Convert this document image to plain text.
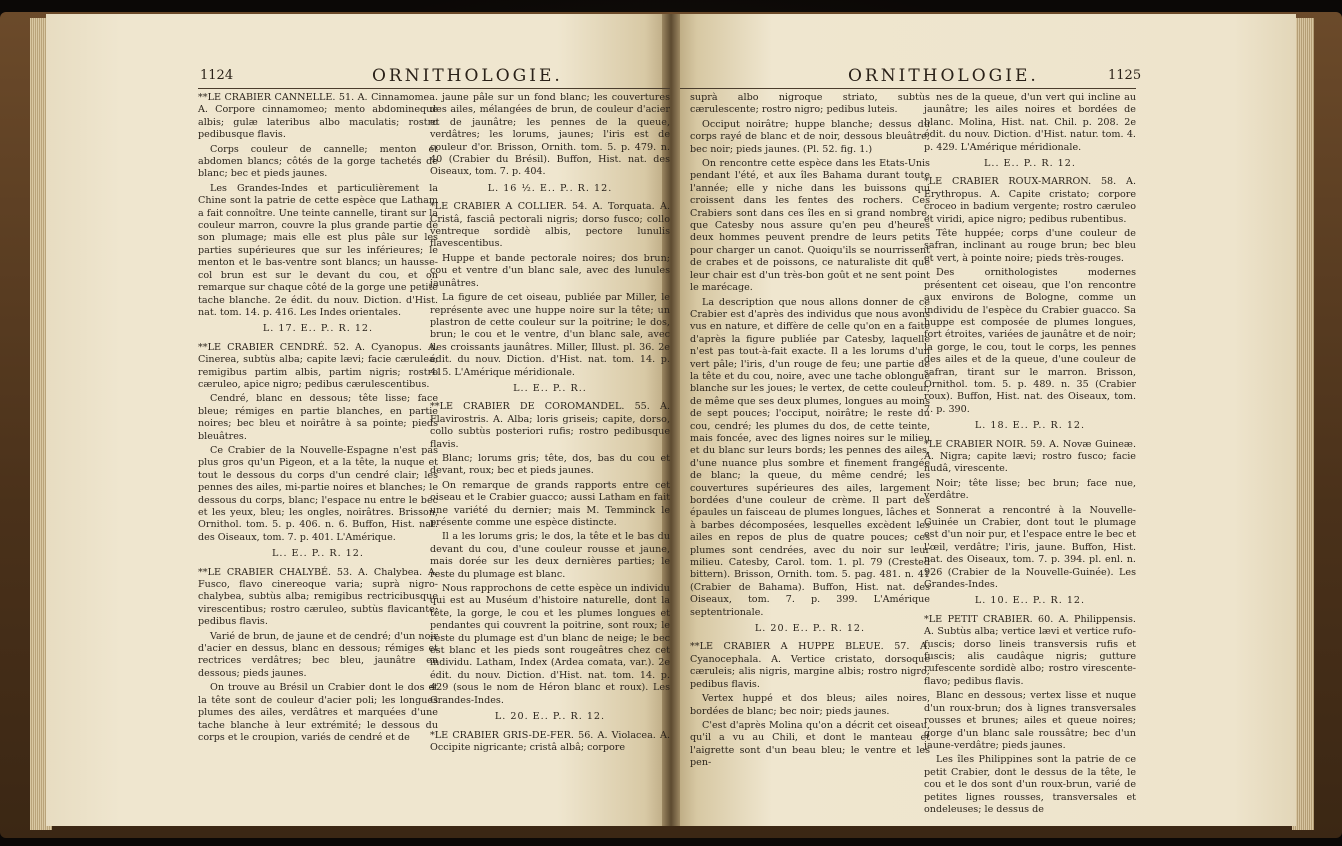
1124	ORNITHOLOGIE.	ORNITHOLOGIE.	1125

**LE CRABIER CANNELLE. 51. A. Cinnamomea. A. Corpore cinnamomeo; mento abdomineque albis; gulæ lateribus albo maculatis; rostro pedibusque flavis.

Corps couleur de cannelle; menton et abdomen blancs; côtés de la gorge tachetés de blanc; bec et pieds jaunes.

Les Grandes-Indes et particulièrement la Chine sont la patrie de cette espèce que Latham a fait connoître. Une teinte cannelle, tirant sur la couleur marron, couvre la plus grande partie de son plumage; mais elle est plus pâle sur les parties supérieures que sur les inférieures; le menton et le bas-ventre sont blancs; un hausse-col brun est sur le devant du cou, et on remarque sur chaque côté de la gorge une petite tache blanche. 2e édit. du nouv. Diction. d'Hist. nat. tom. 14. p. 416. Les Indes orientales.

L. 17. E.. P.. R. 12.

**LE CRABIER CENDRÉ. 52. A. Cyanopus. A. Cinerea, subtùs alba; capite lævi; facie cærulea; remigibus partim albis, partim nigris; rostro cæruleo, apice nigro; pedibus cærulescentibus.

Cendré, blanc en dessous; tête lisse; face bleue; rémiges en partie blanches, en partie noires; bec bleu et noirâtre à sa pointe; pieds bleuâtres.

Ce Crabier de la Nouvelle-Espagne n'est pas plus gros qu'un Pigeon, et a la tête, la nuque et tout le dessous du corps d'un cendré clair; les pennes des ailes, mi-partie noires et blanches; le dessous du corps, blanc; l'espace nu entre le bec et les yeux, bleu; les ongles, noirâtres. Brisson, Ornithol. tom. 5. p. 406. n. 6. Buffon, Hist. nat. des Oiseaux, tom. 7. p. 401. L'Amérique.

L.. E.. P.. R. 12.

**LE CRABIER CHALYBÉ. 53. A. Chalybea. A. Fusco, flavo cinereoque varia; suprà nigro-chalybea, subtùs alba; remigibus rectricibusque virescentibus; rostro cæruleo, subtùs flavicante; pedibus flavis.

Varié de brun, de jaune et de cendré; d'un noir d'acier en dessus, blanc en dessous; rémiges et rectrices verdâtres; bec bleu, jaunâtre en dessous; pieds jaunes.

On trouve au Brésil un Crabier dont le dos et la tête sont de couleur d'acier poli; les longues plumes des ailes, verdâtres et marquées d'une tache blanche à leur extrémité; le dessous du corps et le croupion, variés de cendré et de

jaune pâle sur un fond blanc; les couvertures des ailes, mélangées de brun, de couleur d'acier et de jaunâtre; les pennes de la queue, verdâtres; les lorums, jaunes; l'iris est de couleur d'or. Brisson, Ornith. tom. 5. p. 479. n. 40 (Crabier du Brésil). Buffon, Hist. nat. des Oiseaux, tom. 7. p. 404.

L. 16 ½. E.. P.. R. 12.

*LE CRABIER A COLLIER. 54. A. Torquata. A. Cristâ, fasciâ pectorali nigris; dorso fusco; collo ventreque sordidè albis, pectore lunulis flavescentibus.

Huppe et bande pectorale noires; dos brun; cou et ventre d'un blanc sale, avec des lunules jaunâtres.

La figure de cet oiseau, publiée par Miller, le représente avec une huppe noire sur la tête; un plastron de cette couleur sur la poitrine; le dos, brun; le cou et le ventre, d'un blanc sale, avec des croissants jaunâtres. Miller, Illust. pl. 36. 2e édit. du nouv. Diction. d'Hist. nat. tom. 14. p. 415. L'Amérique méridionale.

L.. E.. P.. R..

**LE CRABIER DE COROMANDEL. 55. A. Flavirostris. A. Alba; loris griseis; capite, dorso, collo subtùs posteriori rufis; rostro pedibusque flavis.

Blanc; lorums gris; tête, dos, bas du cou et devant, roux; bec et pieds jaunes.

On remarque de grands rapports entre cet oiseau et le Crabier guacco; aussi Latham en fait une variété du dernier; mais M. Temminck le présente comme une espèce distincte.

Il a les lorums gris; le dos, la tête et le bas du devant du cou, d'une couleur rousse et jaune, mais dorée sur les deux dernières parties; le reste du plumage est blanc.

Nous rapprochons de cette espèce un individu qui est au Muséum d'histoire naturelle, dont la tête, la gorge, le cou et les plumes longues et pendantes qui couvrent la poitrine, sont roux; le reste du plumage est d'un blanc de neige; le bec est blanc et les pieds sont rougeâtres chez cet individu. Latham, Index (Ardea comata, var.). 2e édit. du nouv. Diction. d'Hist. nat. tom. 14. p. 429 (sous le nom de Héron blanc et roux). Les Grandes-Indes.

L. 20. E.. P.. R. 12.

*LE CRABIER GRIS-DE-FER. 56. A. Violacea. A. Occipite nigricante; cristâ albâ; corpore

suprà albo nigroque striato, subtùs cærulescente; rostro nigro; pedibus luteis.

Occiput noirâtre; huppe blanche; dessus du corps rayé de blanc et de noir, dessous bleuâtre; bec noir; pieds jaunes. (Pl. 52. fig. 1.)

On rencontre cette espèce dans les Etats-Unis pendant l'été, et aux îles Bahama durant toute l'année; elle y niche dans les buissons qui croissent dans les fentes des rochers. Ces Crabiers sont dans ces îles en si grand nombre, que Catesby nous assure qu'en peu d'heures deux hommes peuvent prendre de leurs petits pour charger un canot. Quoiqu'ils se nourrissent de crabes et de poissons, ce naturaliste dit que leur chair est d'un très-bon goût et ne sent point le marécage.

La description que nous allons donner de ce Crabier est d'après des individus que nous avons vus en nature, et diffère de celle qu'on en a faite d'après la figure publiée par Catesby, laquelle n'est pas tout-à-fait exacte. Il a les lorums d'un vert pâle; l'iris, d'un rouge de feu; une partie de la tête et du cou, noire, avec une tache oblongue blanche sur les joues; le vertex, de cette couleur, de même que ses deux plumes, longues au moins de sept pouces; l'occiput, noirâtre; le reste du cou, cendré; les plumes du dos, de cette teinte, mais foncée, avec des lignes noires sur le milieu et du blanc sur leurs bords; les pennes des ailes, d'une nuance plus sombre et finement frangée de blanc; la queue, du même cendré; les couvertures supérieures des ailes, largement bordées d'une couleur de crème. Il part des épaules un faisceau de plumes longues, lâches et à barbes décomposées, lesquelles excèdent les ailes en repos de plus de quatre pouces; ces plumes sont cendrées, avec du noir sur leur milieu. Catesby, Carol. tom. 1. pl. 79 (Crested bittern). Brisson, Ornith. tom. 5. pag. 481. n. 41 (Crabier de Bahama). Buffon, Hist. nat. des Oiseaux, tom. 7. p. 399. L'Amérique septentrionale.

L. 20. E.. P.. R. 12.

**LE CRABIER A HUPPE BLEUE. 57. A. Cyanocephala. A. Vertice cristato, dorsoque cæruleis; alis nigris, margine albis; rostro nigro; pedibus flavis.

Vertex huppé et dos bleus; ailes noires, bordées de blanc; bec noir; pieds jaunes.

C'est d'après Molina qu'on a décrit cet oiseau, qu'il a vu au Chili, et dont le manteau et l'aigrette sont d'un beau bleu; le ventre et les pen-

nes de la queue, d'un vert qui incline au jaunâtre; les ailes noires et bordées de blanc. Molina, Hist. nat. Chil. p. 208. 2e édit. du nouv. Diction. d'Hist. natur. tom. 4. p. 429. L'Amérique méridionale.

L.. E.. P.. R. 12.

*LE CRABIER ROUX-MARRON. 58. A. Erythropus. A. Capite cristato; corpore croceo in badium vergente; rostro cæruleo et viridi, apice nigro; pedibus rubentibus.

Tête huppée; corps d'une couleur de safran, inclinant au rouge brun; bec bleu et vert, à pointe noire; pieds très-rouges.

Des ornithologistes modernes présentent cet oiseau, que l'on rencontre aux environs de Bologne, comme un individu de l'espèce du Crabier guacco. Sa huppe est composée de plumes longues, fort étroites, variées de jaunâtre et de noir; la gorge, le cou, tout le corps, les pennes des ailes et de la queue, d'une couleur de safran, tirant sur le marron. Brisson, Ornithol. tom. 5. p. 489. n. 35 (Crabier roux). Buffon, Hist. nat. des Oiseaux, tom. 7. p. 390.

L. 18. E.. P.. R. 12.

*LE CRABIER NOIR. 59. A. Novæ Guineæ. A. Nigra; capite lævi; rostro fusco; facie nudâ, virescente.

Noir; tête lisse; bec brun; face nue, verdâtre.

Sonnerat a rencontré à la Nouvelle-Guinée un Crabier, dont tout le plumage est d'un noir pur, et l'espace entre le bec et l'œil, verdâtre; l'iris, jaune. Buffon, Hist. nat. des Oiseaux, tom. 7. p. 394. pl. enl. n. 926 (Crabier de la Nouvelle-Guinée). Les Grandes-Indes.

L. 10. E.. P.. R. 12.

*LE PETIT CRABIER. 60. A. Philippensis. A. Subtùs alba; vertice lævi et vertice rufo-fuscis; dorso lineis transversis rufis et fuscis; alis caudâque nigris; gutture rufescente sordidè albo; rostro virescente-flavo; pedibus flavis.

Blanc en dessous; vertex lisse et nuque d'un roux-brun; dos à lignes transversales rousses et brunes; ailes et queue noires; gorge d'un blanc sale roussâtre; bec d'un jaune-verdâtre; pieds jaunes.

Les îles Philippines sont la patrie de ce petit Crabier, dont le dessus de la tête, le cou et le dos sont d'un roux-brun, varié de petites lignes rousses, transversales et ondeleuses; le dessus de
